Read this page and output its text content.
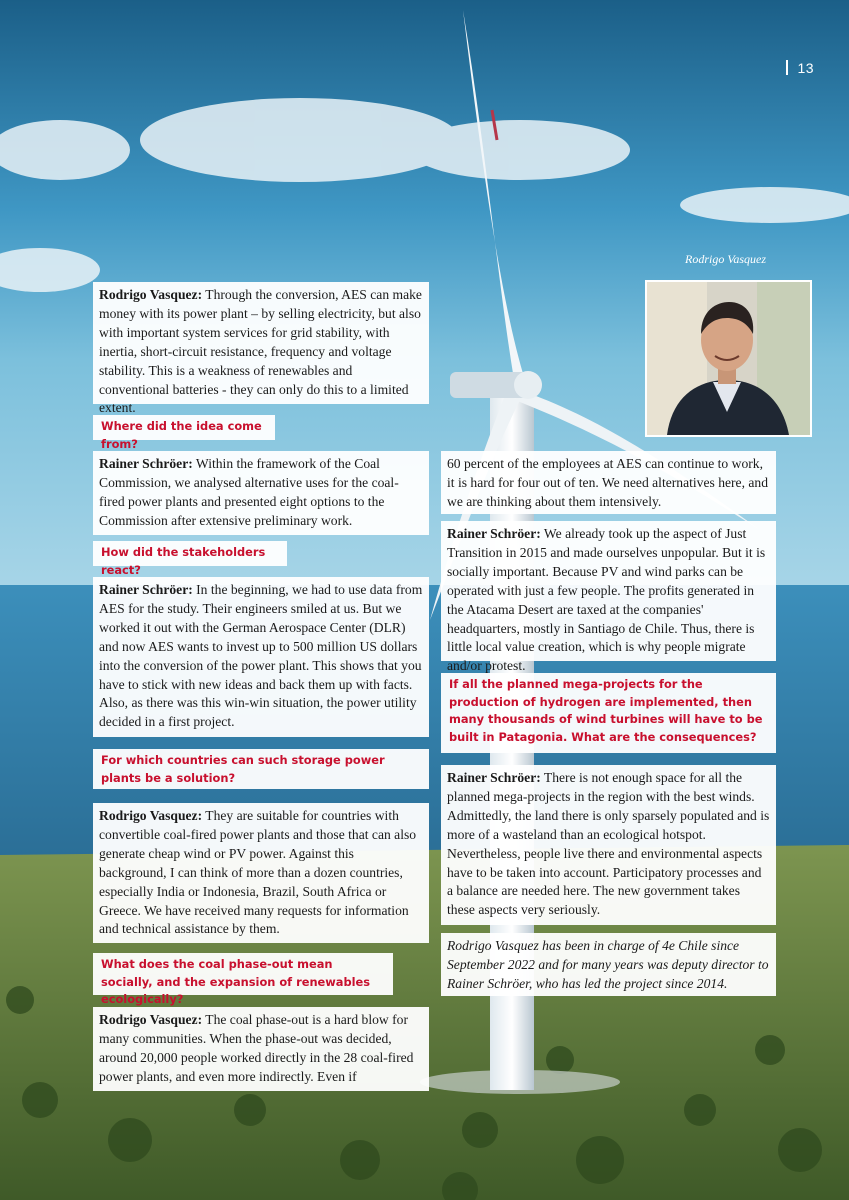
13
Rodrigo Vasquez
Rodrigo Vasquez: Through the conversion, AES can make money with its power plant – by selling electricity, but also with important system services for grid stability, with inertia, short-circuit resistance, frequency and voltage stability. This is a weakness of renewables and conventional batteries - they can only do this to a limited extent.
Where did the idea come from?
Rainer Schröer: Within the framework of the Coal Commission, we analysed alternative uses for the coal-fired power plants and presented eight options to the Commission after extensive preliminary work.
How did the stakeholders react?
Rainer Schröer: In the beginning, we had to use data from AES for the study. Their engineers smiled at us. But we worked it out with the German Aerospace Center (DLR) and now AES wants to invest up to 500 million US dollars into the conversion of the power plant. This shows that you have to stick with new ideas and back them up with facts. Also, as there was this win-win situation, the power utility decided in a first project.
For which countries can such storage power plants be a solution?
Rodrigo Vasquez: They are suitable for countries with convertible coal-fired power plants and those that can also generate cheap wind or PV power. Against this background, I can think of more than a dozen countries, especially India or Indonesia, Brazil, South Africa or Greece. We have received many requests for information and technical assistance by them.
What does the coal phase-out mean socially, and the expansion of renewables ecologically?
Rodrigo Vasquez: The coal phase-out is a hard blow for many communities. When the phase-out was decided, around 20,000 people worked directly in the 28 coal-fired power plants, and even more indirectly. Even if
60 percent of the employees at AES can continue to work, it is hard for four out of ten. We need alternatives here, and we are thinking about them intensively.
Rainer Schröer: We already took up the aspect of Just Transition in 2015 and made ourselves unpopular. But it is socially important. Because PV and wind parks can be operated with just a few people. The profits generated in the Atacama Desert are taxed at the companies' headquarters, mostly in Santiago de Chile. Thus, there is little local value creation, which is why people migrate and/or protest.
If all the planned mega-projects for the production of hydrogen are implemented, then many thousands of wind turbines will have to be built in Patagonia. What are the consequences?
Rainer Schröer: There is not enough space for all the planned mega-projects in the region with the best winds. Admittedly, the land there is only sparsely populated and is more of a wasteland than an ecological hotspot. Nevertheless, people live there and environmental aspects have to be taken into account. Participatory processes and a balance are needed here. The new government takes these aspects very seriously.
Rodrigo Vasquez has been in charge of 4e Chile since September 2022 and for many years was deputy director to Rainer Schröer, who has led the project since 2014.
